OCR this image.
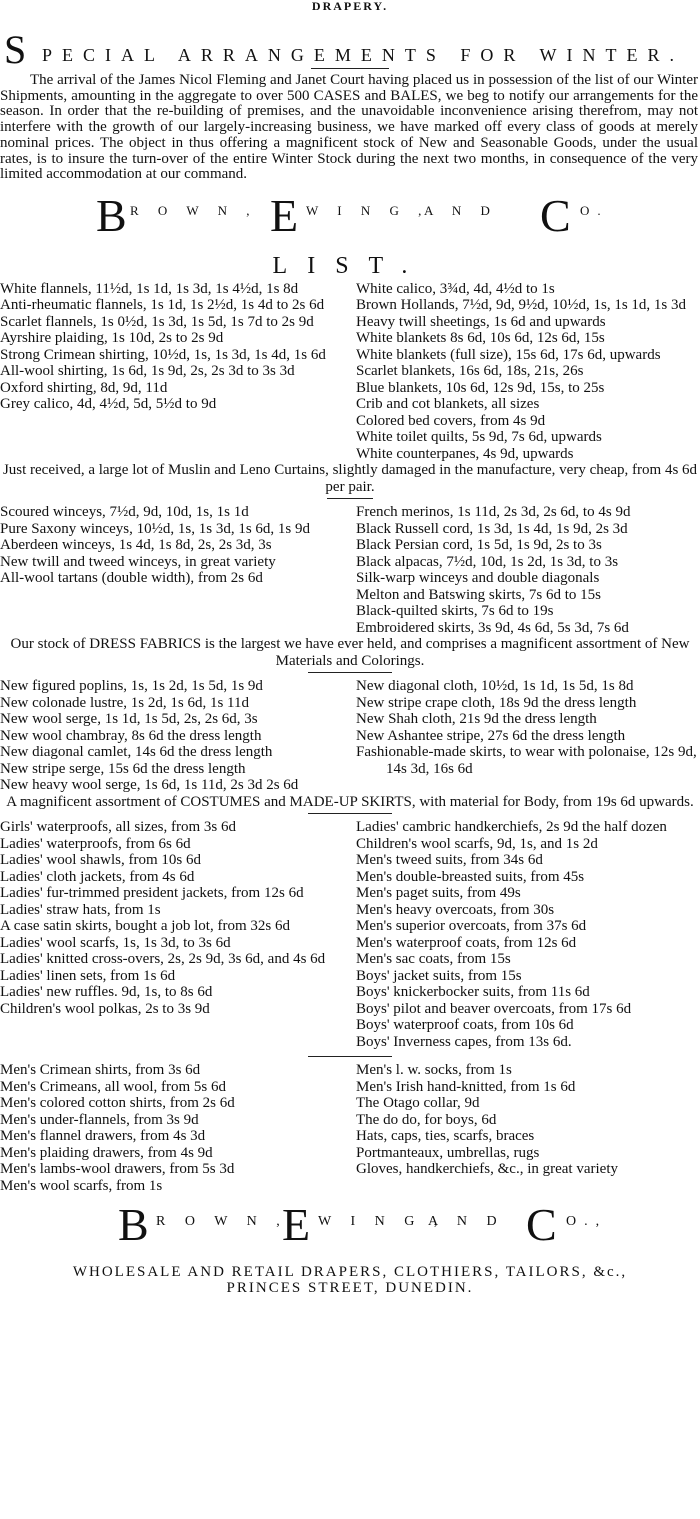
DRAPERY.
S PECIAL ARRANGEMENTS FOR WINTER.

The arrival of the James Nicol Fleming and Janet Court having placed us in possession of the list of our Winter Shipments, amounting in the aggregate to over 500 CASES and BALES, we beg to notify our arrangements for the season. In order that the re-building of premises, and the unavoidable inconvenience arising therefrom, may not interfere with the growth of our largely-increasing business, we have marked off every class of goods at merely nominal prices. The object in thus offering a magnificent stock of New and Seasonable Goods, under the usual rates, is to insure the turn-over of the entire Winter Stock during the next two months, in consequence of the very limited accommodation at our command.

B R O W N , E W I N G ,
A N D C O.
LIST.
White flannels, 11½d, 1s 1d, 1s 3d, 1s 4½d, 1s 8d
Anti-rheumatic flannels, 1s 1d, 1s 2½d, 1s 4d to 2s 6d
Scarlet flannels, 1s 0½d, 1s 3d, 1s 5d, 1s 7d to 2s 9d
Ayrshire plaiding, 1s 10d, 2s to 2s 9d
Strong Crimean shirting, 10½d, 1s, 1s 3d, 1s 4d, 1s 6d
All-wool shirting, 1s 6d, 1s 9d, 2s, 2s 3d to 3s 3d
Oxford shirting, 8d, 9d, 11d
Grey calico, 4d, 4½d, 5d, 5½d to 9d
White calico, 3¾d, 4d, 4½d to 1s
Brown Hollands, 7½d, 9d, 9½d, 10½d, 1s, 1s 1d, 1s 3d
Heavy twill sheetings, 1s 6d and upwards
White blankets 8s 6d, 10s 6d, 12s 6d, 15s
White blankets (full size), 15s 6d, 17s 6d, upwards
Scarlet blankets, 16s 6d, 18s, 21s, 26s
Blue blankets, 10s 6d, 12s 9d, 15s, to 25s
Crib and cot blankets, all sizes
Colored bed covers, from 4s 9d
White toilet quilts, 5s 9d, 7s 6d, upwards
White counterpanes, 4s 9d, upwards
Just received, a large lot of Muslin and Leno Curtains, slightly damaged in the manufacture, very cheap, from 4s 6d per pair.
Scoured winceys, 7½d, 9d, 10d, 1s, 1s 1d
Pure Saxony winceys, 10½d, 1s, 1s 3d, 1s 6d, 1s 9d
Aberdeen winceys, 1s 4d, 1s 8d, 2s, 2s 3d, 3s
New twill and tweed winceys, in great variety
All-wool tartans (double width), from 2s 6d
French merinos, 1s 11d, 2s 3d, 2s 6d, to 4s 9d
Black Russell cord, 1s 3d, 1s 4d, 1s 9d, 2s 3d
Black Persian cord, 1s 5d, 1s 9d, 2s to 3s
Black alpacas, 7½d, 10d, 1s 2d, 1s 3d, to 3s
Silk-warp winceys and double diagonals
Melton and Batswing skirts, 7s 6d to 15s
Black-quilted skirts, 7s 6d to 19s
Embroidered skirts, 3s 9d, 4s 6d, 5s 3d, 7s 6d
Our stock of DRESS FABRICS is the largest we have ever held, and comprises a magnificent assortment of New Materials and Colorings.
New figured poplins, 1s, 1s 2d, 1s 5d, 1s 9d
New colonade lustre, 1s 2d, 1s 6d, 1s 11d
New wool serge, 1s 1d, 1s 5d, 2s, 2s 6d, 3s
New wool chambray, 8s 6d the dress length
New diagonal camlet, 14s 6d the dress length
New stripe serge, 15s 6d the dress length
New heavy wool serge, 1s 6d, 1s 11d, 2s 3d 2s 6d
New diagonal cloth, 10½d, 1s 1d, 1s 5d, 1s 8d
New stripe crape cloth, 18s 9d the dress length
New Shah cloth, 21s 9d the dress length
New Ashantee stripe, 27s 6d the dress length
Fashionable-made skirts, to wear with polonaise, 12s 9d, 14s 3d, 16s 6d
A magnificent assortment of COSTUMES and MADE-UP SKIRTS, with material for Body, from 19s 6d upwards.
Girls' waterproofs, all sizes, from 3s 6d
Ladies' waterproofs, from 6s 6d
Ladies' wool shawls, from 10s 6d
Ladies' cloth jackets, from 4s 6d
Ladies' fur-trimmed president jackets, from 12s 6d
Ladies' straw hats, from 1s
A case satin skirts, bought a job lot, from 32s 6d
Ladies' wool scarfs, 1s, 1s 3d, to 3s 6d
Ladies' knitted cross-overs, 2s, 2s 9d, 3s 6d, and 4s 6d
Ladies' linen sets, from 1s 6d
Ladies' new ruffles. 9d, 1s, to 8s 6d
Children's wool polkas, 2s to 3s 9d
Ladies' cambric handkerchiefs, 2s 9d the half dozen
Children's wool scarfs, 9d, 1s, and 1s 2d
Men's tweed suits, from 34s 6d
Men's double-breasted suits, from 45s
Men's paget suits, from 49s
Men's heavy overcoats, from 30s
Men's superior overcoats, from 37s 6d
Men's waterproof coats, from 12s 6d
Men's sac coats, from 15s
Boys' jacket suits, from 15s
Boys' knickerbocker suits, from 11s 6d
Boys' pilot and beaver overcoats, from 17s 6d
Boys' waterproof coats, from 10s 6d
Boys' Inverness capes, from 13s 6d.
Men's Crimean shirts, from 3s 6d
Men's Crimeans, all wool, from 5s 6d
Men's colored cotton shirts, from 2s 6d
Men's under-flannels, from 3s 9d
Men's flannel drawers, from 4s 3d
Men's plaiding drawers, from 4s 9d
Men's lambs-wool drawers, from 5s 3d
Men's wool scarfs, from 1s
Men's l. w. socks, from 1s
Men's Irish hand-knitted, from 1s 6d
The Otago collar, 9d
The do do, for boys, 6d
Hats, caps, ties, scarfs, braces
Portmanteaux, umbrellas, rugs
Gloves, handkerchiefs, &c., in great variety
B R O W N ,
E W I N G ,
A N D C O.,
WHOLESALE AND RETAIL DRAPERS, CLOTHIERS, TAILORS, &c.,
PRINCES STREET, DUNEDIN.
